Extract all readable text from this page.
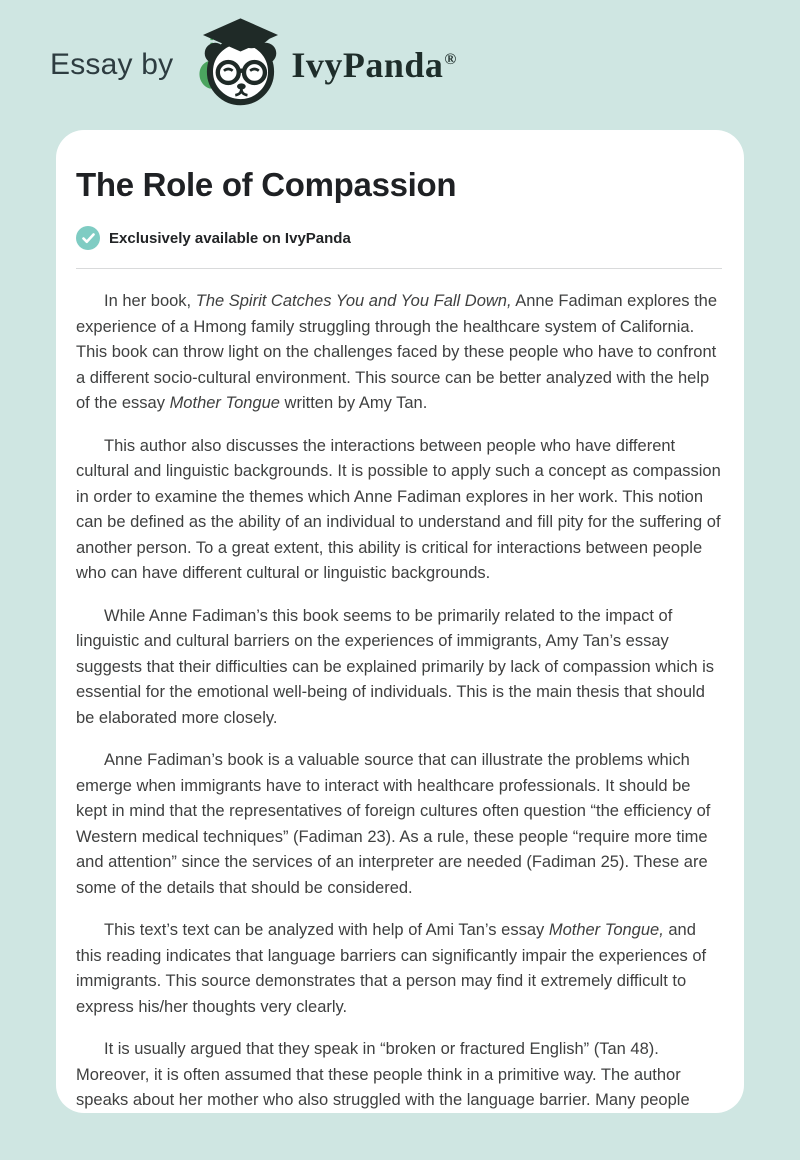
Essay by	IvyPanda®
The Role of Compassion
Exclusively available on IvyPanda

In her book, The Spirit Catches You and You Fall Down, Anne Fadiman explores the experience of a Hmong family struggling through the healthcare system of California. This book can throw light on the challenges faced by these people who have to confront a different socio-cultural environment. This source can be better analyzed with the help of the essay Mother Tongue written by Amy Tan.

This author also discusses the interactions between people who have different cultural and linguistic backgrounds. It is possible to apply such a concept as compassion in order to examine the themes which Anne Fadiman explores in her work. This notion can be defined as the ability of an individual to understand and fill pity for the suffering of another person. To a great extent, this ability is critical for interactions between people who can have different cultural or linguistic backgrounds.

While Anne Fadiman’s this book seems to be primarily related to the impact of linguistic and cultural barriers on the experiences of immigrants, Amy Tan’s essay suggests that their difficulties can be explained primarily by lack of compassion which is essential for the emotional well-being of individuals. This is the main thesis that should be elaborated more closely.

Anne Fadiman’s book is a valuable source that can illustrate the problems which emerge when immigrants have to interact with healthcare professionals. It should be kept in mind that the representatives of foreign cultures often question “the efficiency of Western medical techniques” (Fadiman 23). As a rule, these people “require more time and attention” since the services of an interpreter are needed (Fadiman 25). These are some of the details that should be considered.

This text’s text can be analyzed with help of Ami Tan’s essay Mother Tongue, and this reading indicates that language barriers can significantly impair the experiences of immigrants. This source demonstrates that a person may find it extremely difficult to express his/her thoughts very clearly.

It is usually argued that they speak in “broken or fractured English” (Tan 48). Moreover, it is often assumed that these people think in a primitive way. The author speaks about her mother who also struggled with the language barrier. Many people
